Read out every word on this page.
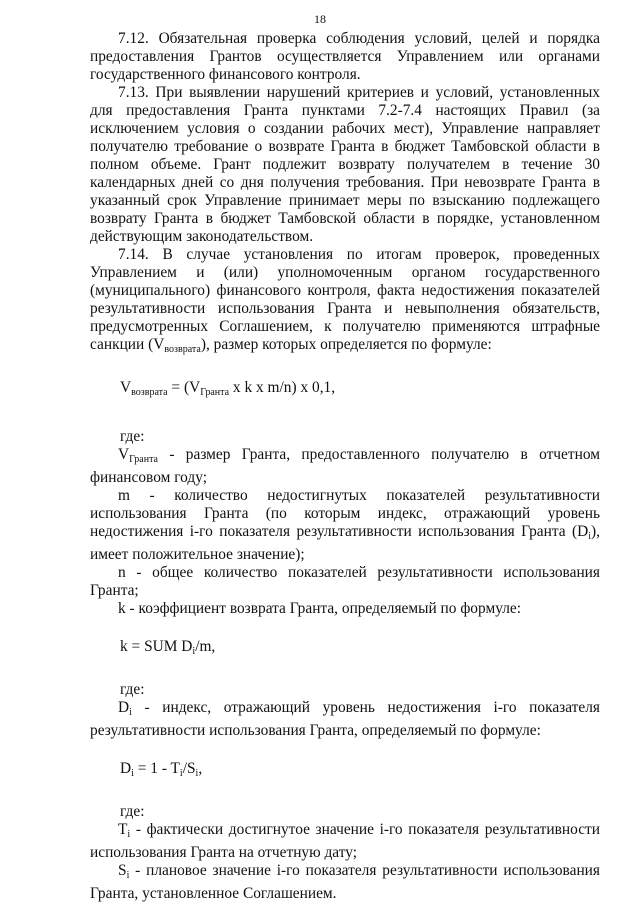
18

7.12. Обязательная проверка соблюдения условий, целей и порядка предоставления Грантов осуществляется Управлением или органами государственного финансового контроля.

7.13. При выявлении нарушений критериев и условий, установленных для предоставления Гранта пунктами 7.2-7.4 настоящих Правил (за исключением условия о создании рабочих мест), Управление направляет получателю требование о возврате Гранта в бюджет Тамбовской области в полном объеме. Грант подлежит возврату получателем в течение 30 календарных дней со дня получения требования. При невозврате Гранта в указанный срок Управление принимает меры по взысканию подлежащего возврату Гранта в бюджет Тамбовской области в порядке, установленном действующим законодательством.

7.14. В случае установления по итогам проверок, проведенных Управлением и (или) уполномоченным органом государственного (муниципального) финансового контроля, факта недостижения показателей результативности использования Гранта и невыполнения обязательств, предусмотренных Соглашением, к получателю применяются штрафные санкции $(V_{возврата})$, размер которых определяется по формуле:

$V_{возврата} = (V_{Гранта}$ x k x m/n) x 0,1,

где:

$V_{Гранта}$ - размер Гранта, предоставленного получателю в отчетном финансовом году;

m - количество недостигнутых показателей результативности использования Гранта (по которым индекс, отражающий уровень недостижения i-го показателя результативности использования Гранта $(D_i)$, имеет положительное значение);

n - общее количество показателей результативности использования Гранта;

k - коэффициент возврата Гранта, определяемый по формуле:

k = SUM $D_i/m$,

где:

$D_i$ - индекс, отражающий уровень недостижения i-го показателя результативности использования Гранта, определяемый по формуле:

$D_i = 1 - T_i/S_i$,

где:

$T_i$ - фактически достигнутое значение i-го показателя результативности использования Гранта на отчетную дату;

$S_i$ - плановое значение i-го показателя результативности использования Гранта, установленное Соглашением.
